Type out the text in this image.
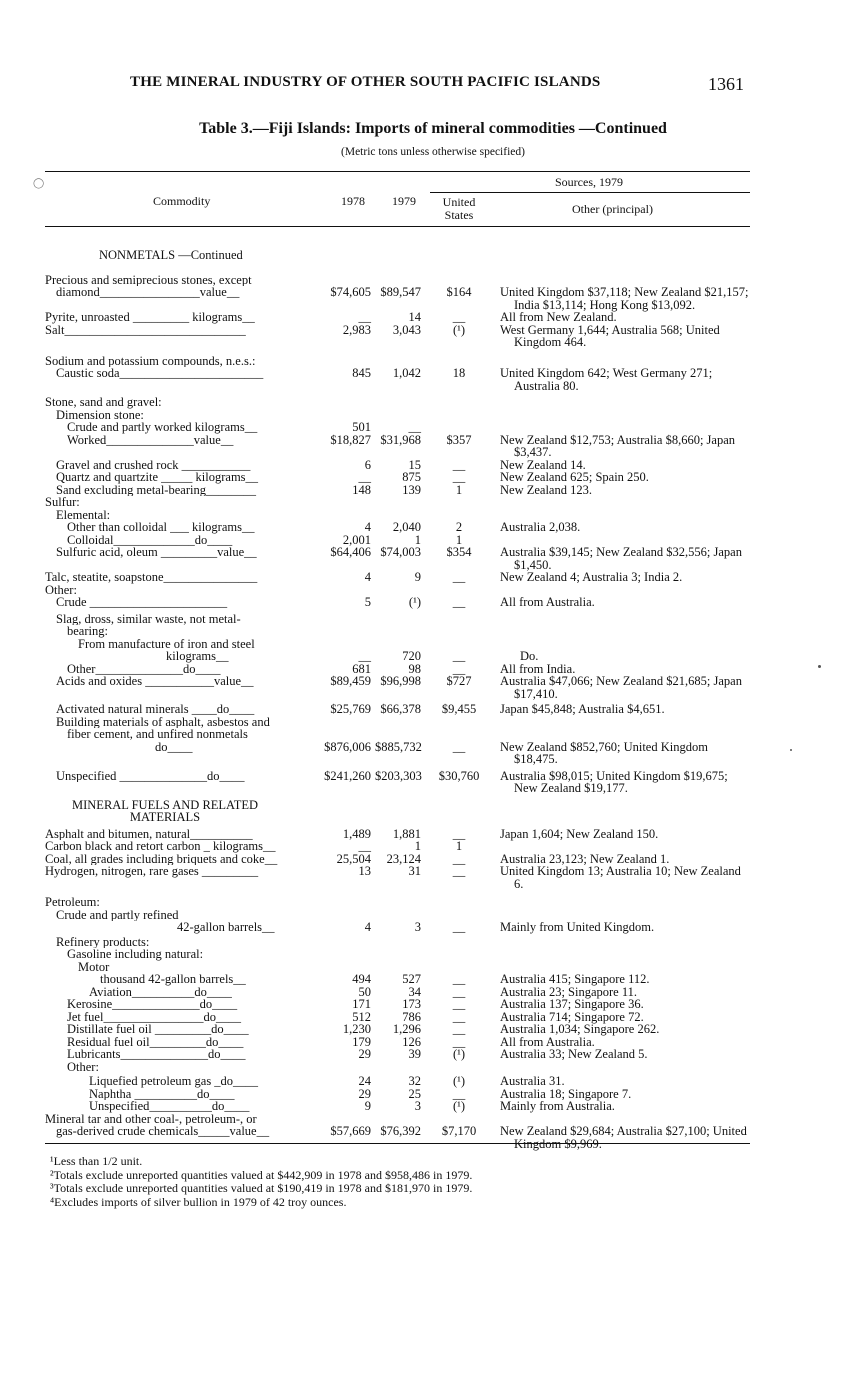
THE MINERAL INDUSTRY OF OTHER SOUTH PACIFIC ISLANDS	1361
Table 3.—Fiji Islands: Imports of mineral commodities —Continued
(Metric tons unless otherwise specified)
◯
Commodity	1978 1979
Sources, 1979
United States	Other (principal)
NONMETALS —Continued
Precious and semiprecious stones, except
diamond________________value__	$74,605 $89,547	$164	United Kingdom $37,118; New Zealand $21,157; India $13,114; Hong Kong $13,092.
Pyrite, unroasted _________ kilograms__	__	14	__	All from New Zealand.
Salt_____________________________	2,983	3,043	(¹)	West Germany 1,644; Australia 568; United Kingdom 464.
Sodium and potassium compounds, n.e.s.:
Caustic soda_______________________	845	1,042	18	United Kingdom 642; West Germany 271; Australia 80.
Stone, sand and gravel:
Dimension stone:
Crude and partly worked kilograms__	501	__
Worked______________value__	$18,827 $31,968	$357	New Zealand $12,753; Australia $8,660; Japan $3,437.
Gravel and crushed rock ___________	6	15	__	New Zealand 14.
Quartz and quartzite _____ kilograms__	__	875	__	New Zealand 625; Spain 250.
Sand excluding metal-bearing________	148	139	1	New Zealand 123.
Sulfur:
Elemental:
Other than colloidal ___ kilograms__	4	2,040	2	Australia 2,038.
Colloidal_____________do____	2,001	1	1
Sulfuric acid, oleum _________value__	$64,406 $74,003	$354	Australia $39,145; New Zealand $32,556; Japan $1,450.
Talc, steatite, soapstone_______________	4	9	__	New Zealand 4; Australia 3; India 2.
Other:
Crude ______________________	5	(¹)	__	All from Australia.
Slag, dross, similar waste, not metal-
bearing:
From manufacture of iron and steel
kilograms__	__	720	__	Do.
Other______________do____	681	98	__	All from India.
Acids and oxides ___________value__	$89,459 $96,998	$727	Australia $47,066; New Zealand $21,685; Japan $17,410.
Activated natural minerals ____do____	$25,769 $66,378	$9,455	Japan $45,848; Australia $4,651.
Building materials of asphalt, asbestos and
fiber cement, and unfired nonmetals
do____	$876,006 $885,732	__	New Zealand $852,760; United Kingdom $18,475.
Unspecified ______________do____	$241,260 $203,303	$30,760	Australia $98,015; United Kingdom $19,675; New Zealand $19,177.
MINERAL FUELS AND RELATED MATERIALS
Asphalt and bitumen, natural__________	1,489	1,881	__	Japan 1,604; New Zealand 150.
Carbon black and retort carbon _ kilograms__	__	1	1
Coal, all grades including briquets and coke__	25,504	23,124	__	Australia 23,123; New Zealand 1.
Hydrogen, nitrogen, rare gases _________	13	31	__	United Kingdom 13; Australia 10; New Zealand 6.
Petroleum:
Crude and partly refined
42-gallon barrels__	4	3	__	Mainly from United Kingdom.
Refinery products:
Gasoline including natural:
Motor
thousand 42-gallon barrels__	494	527	__	Australia 415; Singapore 112.
Aviation__________do____	50	34	__	Australia 23; Singapore 11.
Kerosine______________do____	171	173	__	Australia 137; Singapore 36.
Jet fuel________________do____	512	786	__	Australia 714; Singapore 72.
Distillate fuel oil _________do____	1,230	1,296	__	Australia 1,034; Singapore 262.
Residual fuel oil_________do____	179	126	__	All from Australia.
Lubricants______________do____	29	39	(¹)	Australia 33; New Zealand 5.
Other:
Liquefied petroleum gas _do____	24	32	(¹)	Australia 31.
Naphtha __________do____	29	25	__	Australia 18; Singapore 7.
Unspecified__________do____	9	3	(¹)	Mainly from Australia.
Mineral tar and other coal-, petroleum-, or
gas-derived crude chemicals_____value__	$57,669 $76,392	$7,170	New Zealand $29,684; Australia $27,100; United Kingdom $9,969.
¹Less than 1/2 unit.
²Totals exclude unreported quantities valued at $442,909 in 1978 and $958,486 in 1979.
³Totals exclude unreported quantities valued at $190,419 in 1978 and $181,970 in 1979.
⁴Excludes imports of silver bullion in 1979 of 42 troy ounces.
